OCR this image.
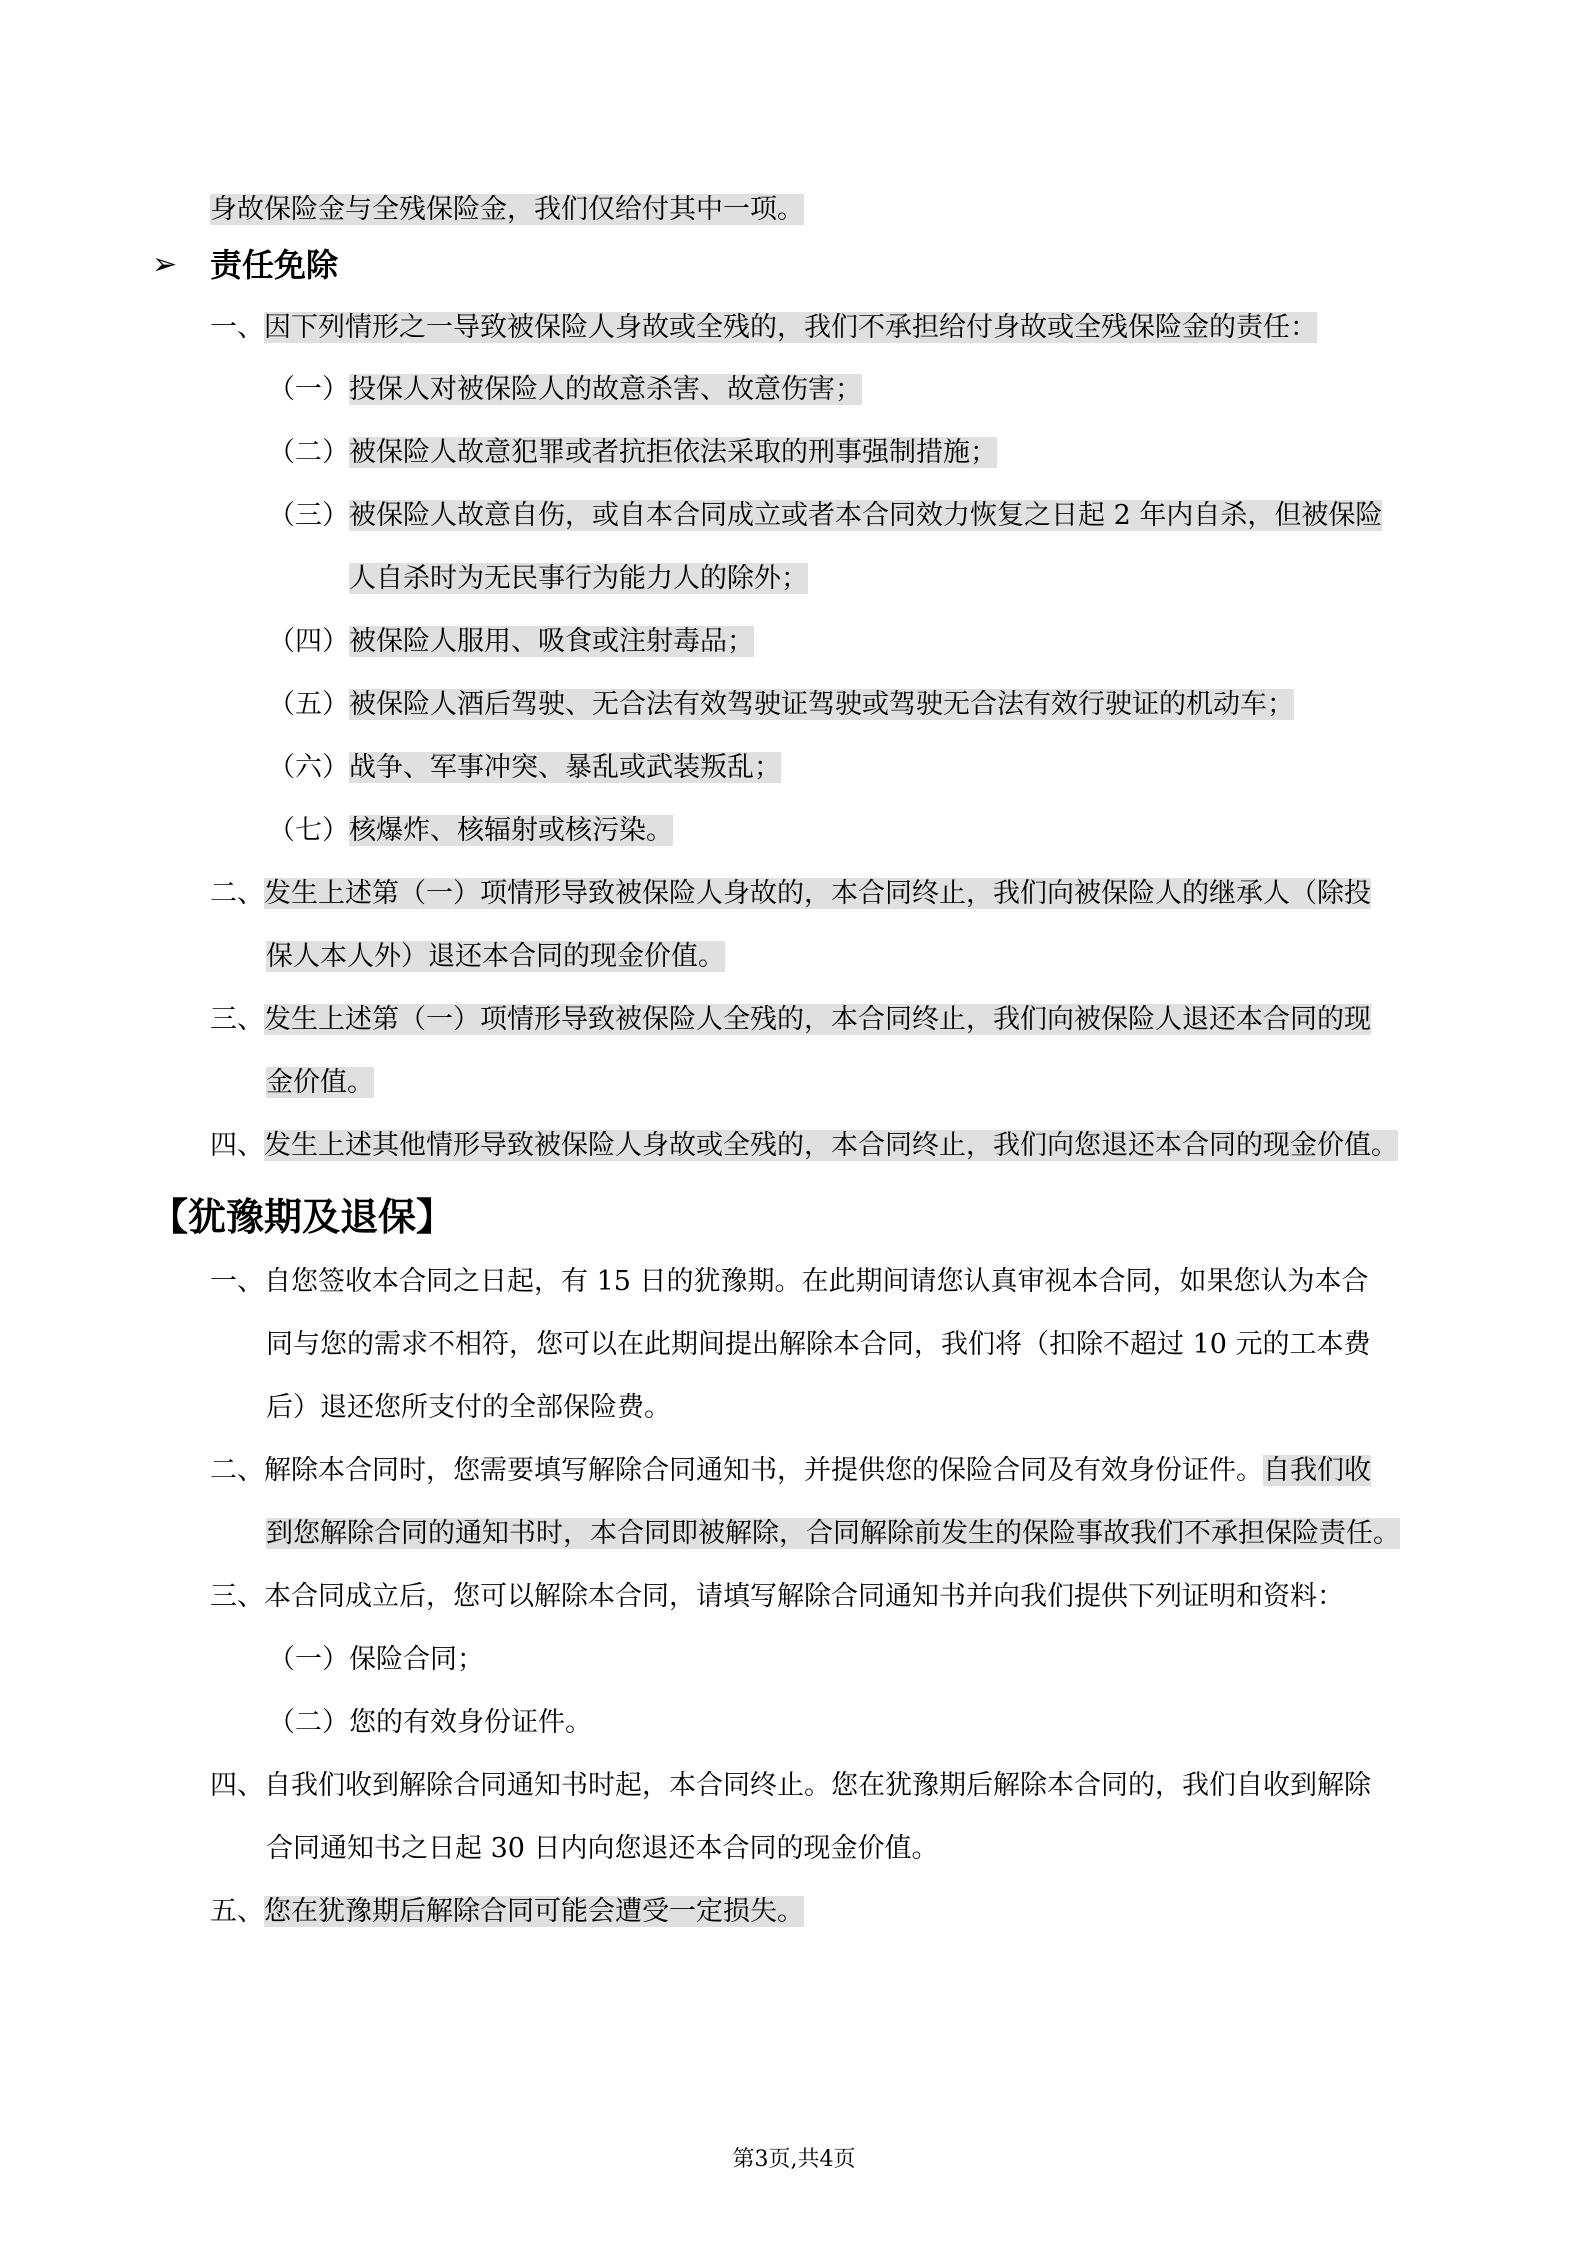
身故保险金与全残保险金，我们仅给付其中一项。
➢ 责任免除
一、因下列情形之一导致被保险人身故或全残的，我们不承担给付身故或全残保险金的责任：
（一）投保人对被保险人的故意杀害、故意伤害；
（二）被保险人故意犯罪或者抗拒依法采取的刑事强制措施；
（三）被保险人故意自伤，或自本合同成立或者本合同效力恢复之日起 2 年内自杀，但被保险
人自杀时为无民事行为能力人的除外；
（四）被保险人服用、吸食或注射毒品；
（五）被保险人酒后驾驶、无合法有效驾驶证驾驶或驾驶无合法有效行驶证的机动车；
（六）战争、军事冲突、暴乱或武装叛乱；
（七）核爆炸、核辐射或核污染。
二、发生上述第（一）项情形导致被保险人身故的，本合同终止，我们向被保险人的继承人（除投
保人本人外）退还本合同的现金价值。
三、发生上述第（一）项情形导致被保险人全残的，本合同终止，我们向被保险人退还本合同的现
金价值。
四、发生上述其他情形导致被保险人身故或全残的，本合同终止，我们向您退还本合同的现金价值。
【犹豫期及退保】
一、自您签收本合同之日起，有 15 日的犹豫期。在此期间请您认真审视本合同，如果您认为本合
同与您的需求不相符，您可以在此期间提出解除本合同，我们将（扣除不超过 10 元的工本费
后）退还您所支付的全部保险费。
二、解除本合同时，您需要填写解除合同通知书，并提供您的保险合同及有效身份证件。自我们收
到您解除合同的通知书时，本合同即被解除，合同解除前发生的保险事故我们不承担保险责任。
三、本合同成立后，您可以解除本合同，请填写解除合同通知书并向我们提供下列证明和资料：
（一）保险合同；
（二）您的有效身份证件。
四、自我们收到解除合同通知书时起，本合同终止。您在犹豫期后解除本合同的，我们自收到解除
合同通知书之日起 30 日内向您退还本合同的现金价值。
五、您在犹豫期后解除合同可能会遭受一定损失。
第3页,共4页
